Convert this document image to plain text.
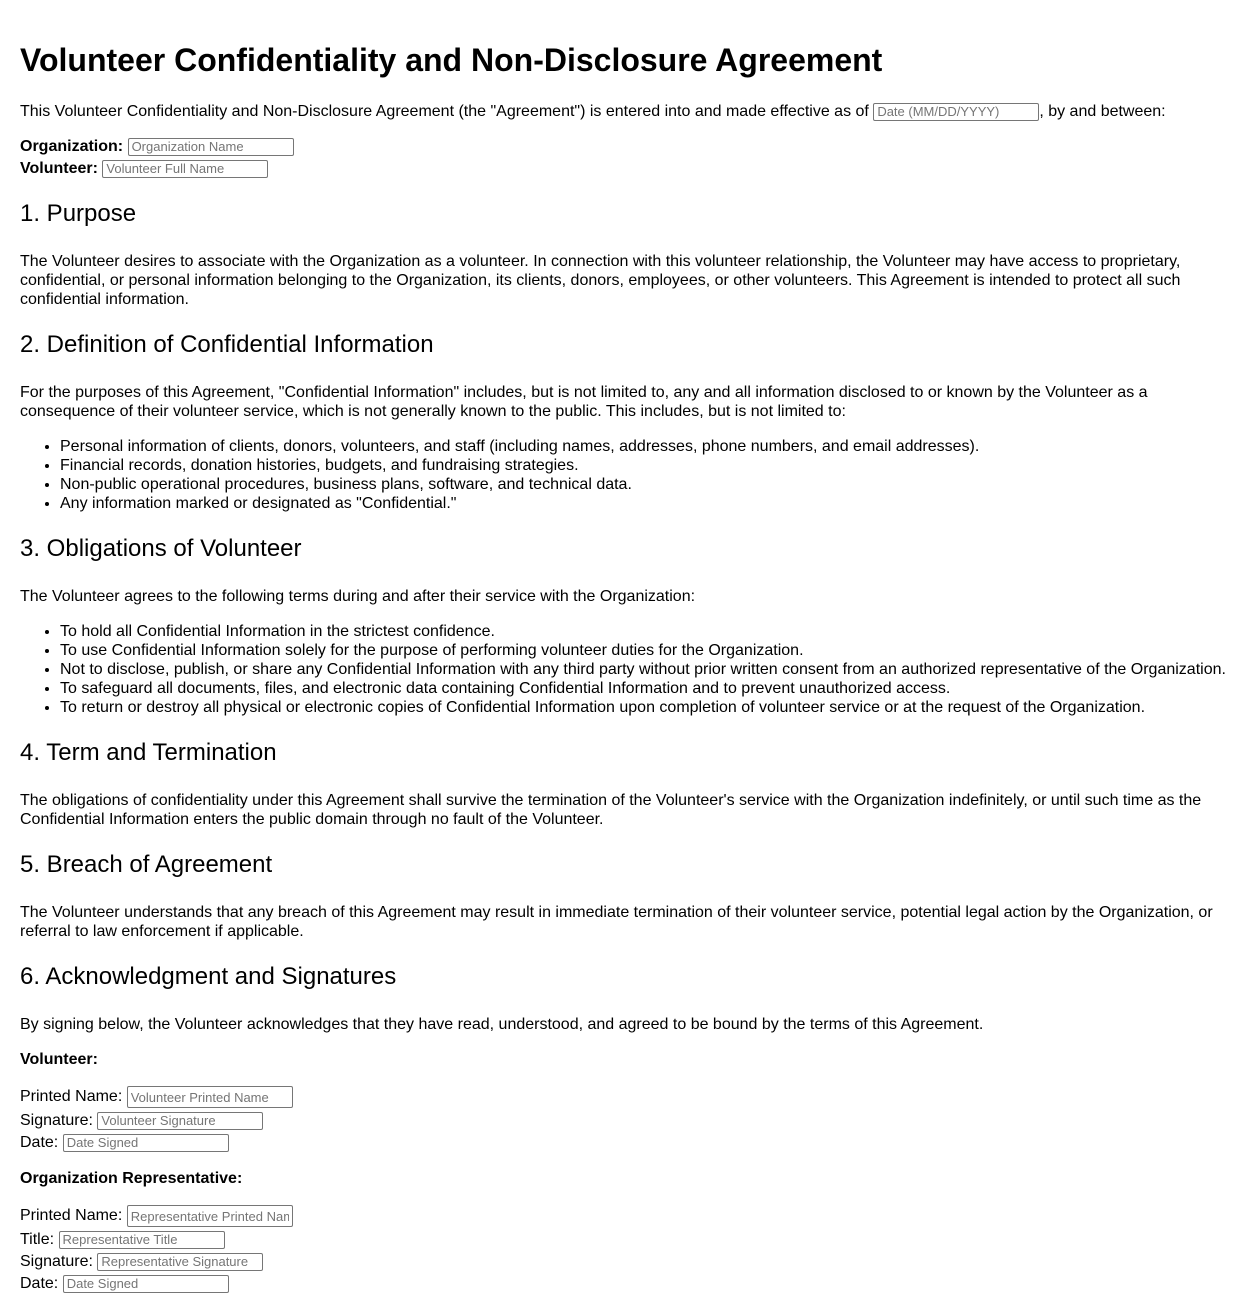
Volunteer Confidentiality and Non-Disclosure Agreement

This Volunteer Confidentiality and Non-Disclosure Agreement (the "Agreement") is entered into and made effective as of Date (MM/DD/YYYY)	, by and between:

Organization: Organization Name

Volunteer: Volunteer Full Name

1. Purpose

The Volunteer desires to associate with the Organization as a volunteer. In connection with this volunteer relationship, the Volunteer may have access to proprietary, confidential, or personal information belonging to the Organization, its clients, donors, employees, or other volunteers. This Agreement is intended to protect all such confidential information.

2. Definition of Confidential Information

For the purposes of this Agreement, "Confidential Information" includes, but is not limited to, any and all information disclosed to or known by the Volunteer as a consequence of their volunteer service, which is not generally known to the public. This includes, but is not limited to:

• Personal information of clients, donors, volunteers, and staff (including names, addresses, phone numbers, and email addresses).
• Financial records, donation histories, budgets, and fundraising strategies.
• Non-public operational procedures, business plans, software, and technical data.
• Any information marked or designated as "Confidential."
3. Obligations of Volunteer

The Volunteer agrees to the following terms during and after their service with the Organization:

• To hold all Confidential Information in the strictest confidence.
• To use Confidential Information solely for the purpose of performing volunteer duties for the Organization.
• Not to disclose, publish, or share any Confidential Information with any third party without prior written consent from an authorized representative of the Organization.
• To safeguard all documents, files, and electronic data containing Confidential Information and to prevent unauthorized access.
• To return or destroy all physical or electronic copies of Confidential Information upon completion of volunteer service or at the request of the Organization.
4. Term and Termination

The obligations of confidentiality under this Agreement shall survive the termination of the Volunteer's service with the Organization indefinitely, or until such time as the Confidential Information enters the public domain through no fault of the Volunteer.

5. Breach of Agreement

The Volunteer understands that any breach of this Agreement may result in immediate termination of their volunteer service, potential legal action by the Organization, or referral to law enforcement if applicable.

6. Acknowledgment and Signatures

By signing below, the Volunteer acknowledges that they have read, understood, and agreed to be bound by the terms of this Agreement.

Volunteer:

Printed Name: Volunteer Printed Name

Signature: Volunteer Signature

Date: Date Signed

Organization Representative:

Printed Name: Representative Printed Name

Title: Representative Title

Signature: Representative Signature

Date: Date Signed
